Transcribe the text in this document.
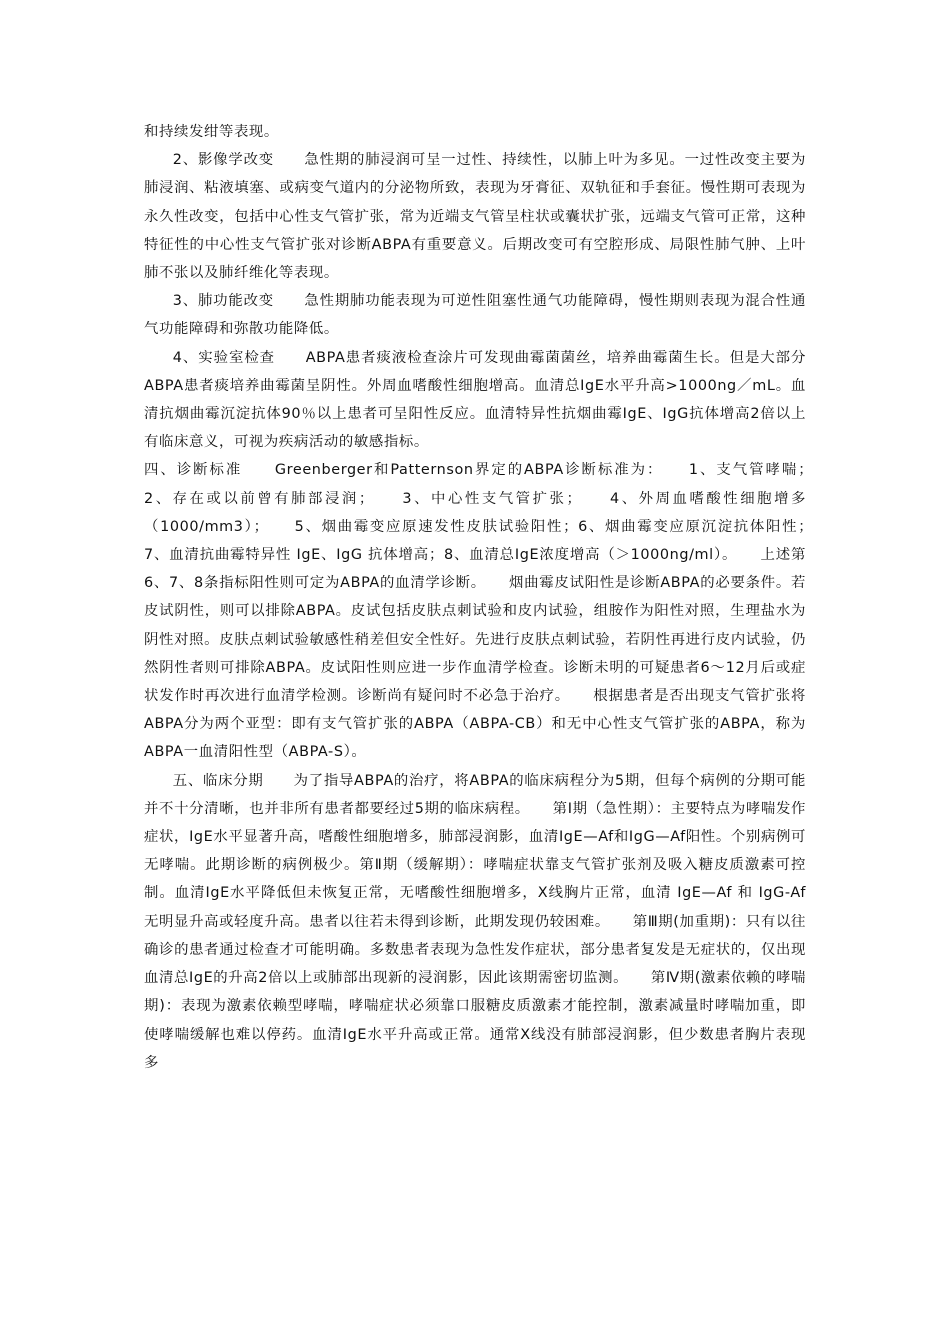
和持续发绀等表现。

2、影像学改变　　急性期的肺浸润可呈一过性、持续性，以肺上叶为多见。一过性改变主要为肺浸润、粘液填塞、或病变气道内的分泌物所致，表现为牙膏征、双轨征和手套征。慢性期可表现为永久性改变，包括中心性支气管扩张，常为近端支气管呈柱状或囊状扩张，远端支气管可正常，这种特征性的中心性支气管扩张对诊断ABPA有重要意义。后期改变可有空腔形成、局限性肺气肿、上叶肺不张以及肺纤维化等表现。

3、肺功能改变　　急性期肺功能表现为可逆性阻塞性通气功能障碍，慢性期则表现为混合性通气功能障碍和弥散功能降低。

4、实验室检查　　ABPA患者痰液检查涂片可发现曲霉菌菌丝，培养曲霉菌生长。但是大部分ABPA患者痰培养曲霉菌呈阴性。外周血嗜酸性细胞增高。血清总IgE水平升高>1000ng／mL。血清抗烟曲霉沉淀抗体90％以上患者可呈阳性反应。血清特异性抗烟曲霉IgE、IgG抗体增高2倍以上有临床意义，可视为疾病活动的敏感指标。

四、诊断标准　　Greenberger和Patternson界定的ABPA诊断标准为：　　1、支气管哮喘；　　2、存在或以前曾有肺部浸润；　　3、中心性支气管扩张；　　4、外周血嗜酸性细胞增多（1000/mm3）；　　5、烟曲霉变应原速发性皮肤试验阳性；6、烟曲霉变应原沉淀抗体阳性；　　7、血清抗曲霉特异性 IgE、IgG 抗体增高；8、血清总IgE浓度增高（＞1000ng/ml）。　　上述第6、7、8条指标阳性则可定为ABPA的血清学诊断。　　烟曲霉皮试阳性是诊断ABPA的必要条件。若皮试阴性，则可以排除ABPA。皮试包括皮肤点刺试验和皮内试验，组胺作为阳性对照，生理盐水为阴性对照。皮肤点刺试验敏感性稍差但安全性好。先进行皮肤点刺试验，若阴性再进行皮内试验，仍然阴性者则可排除ABPA。皮试阳性则应进一步作血清学检查。诊断未明的可疑患者6～12月后或症状发作时再次进行血清学检测。诊断尚有疑问时不必急于治疗。　　根据患者是否出现支气管扩张将ABPA分为两个亚型：即有支气管扩张的ABPA（ABPA-CB）和无中心性支气管扩张的ABPA，称为ABPA一血清阳性型（ABPA-S）。

五、临床分期　　为了指导ABPA的治疗，将ABPA的临床病程分为5期，但每个病例的分期可能并不十分清晰，也并非所有患者都要经过5期的临床病程。　　第Ⅰ期（急性期）：主要特点为哮喘发作症状，IgE水平显著升高，嗜酸性细胞增多，肺部浸润影，血清IgE—Af和IgG—Af阳性。个别病例可无哮喘。此期诊断的病例极少。第Ⅱ期（缓解期）：哮喘症状靠支气管扩张剂及吸入糖皮质激素可控制。血清IgE水平降低但未恢复正常，无嗜酸性细胞增多，X线胸片正常，血清 IgE—Af 和 IgG-Af无明显升高或轻度升高。患者以往若未得到诊断，此期发现仍较困难。　　第Ⅲ期(加重期)：只有以往确诊的患者通过检查才可能明确。多数患者表现为急性发作症状，部分患者复发是无症状的，仅出现血清总IgE的升高2倍以上或肺部出现新的浸润影，因此该期需密切监测。　　第Ⅳ期(激素依赖的哮喘期)：表现为激素依赖型哮喘，哮喘症状必须靠口服糖皮质激素才能控制，激素减量时哮喘加重，即使哮喘缓解也难以停药。血清IgE水平升高或正常。通常X线没有肺部浸润影，但少数患者胸片表现多
